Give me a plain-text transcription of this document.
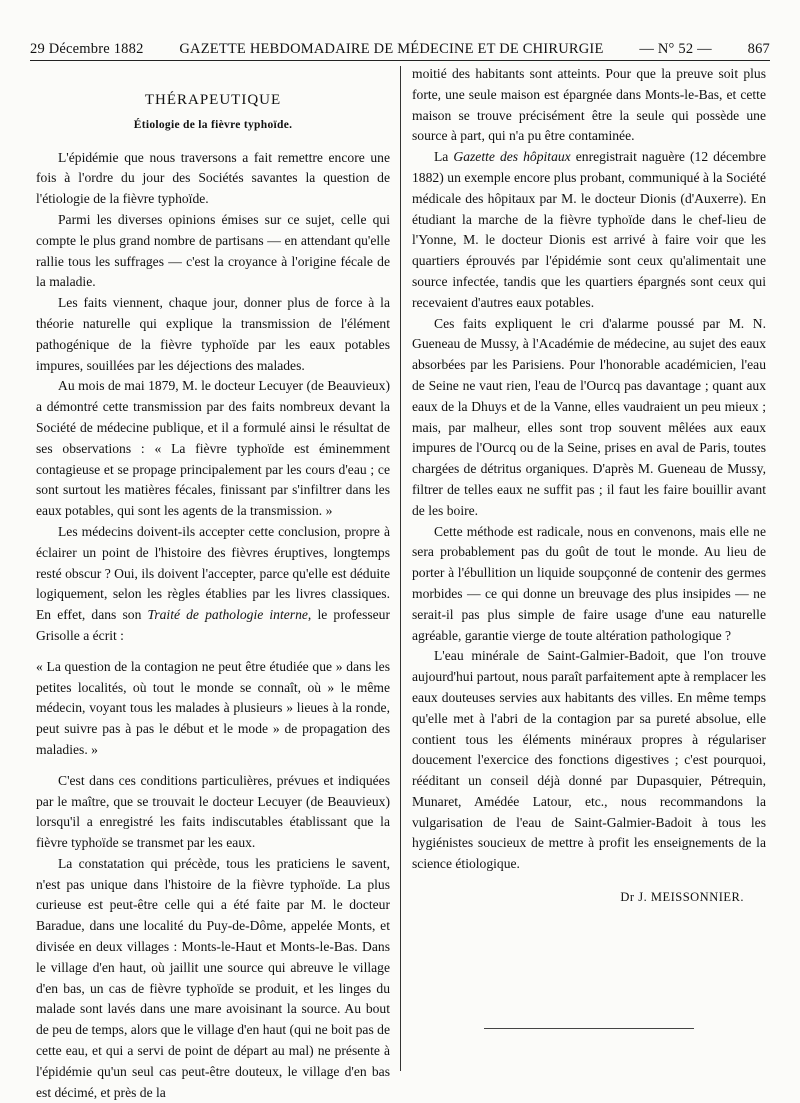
29 Décembre 1882 GAZETTE HEBDOMADAIRE DE MÉDECINE ET DE CHIRURGIE — N° 52 — 867
THÉRAPEUTIQUE
Étiologie de la fièvre typhoïde.

L'épidémie que nous traversons a fait remettre encore une fois à l'ordre du jour des Sociétés savantes la question de l'étiologie de la fièvre typhoïde.

Parmi les diverses opinions émises sur ce sujet, celle qui compte le plus grand nombre de partisans — en attendant qu'elle rallie tous les suffrages — c'est la croyance à l'origine fécale de la maladie.

Les faits viennent, chaque jour, donner plus de force à la théorie naturelle qui explique la transmission de l'élément pathogénique de la fièvre typhoïde par les eaux potables impures, souillées par les déjections des malades.

Au mois de mai 1879, M. le docteur Lecuyer (de Beauvieux) a démontré cette transmission par des faits nombreux devant la Société de médecine publique, et il a formulé ainsi le résultat de ses observations : « La fièvre typhoïde est éminemment contagieuse et se propage principalement par les cours d'eau ; ce sont surtout les matières fécales, finissant par s'infiltrer dans les eaux potables, qui sont les agents de la transmission. »

Les médecins doivent-ils accepter cette conclusion, propre à éclairer un point de l'histoire des fièvres éruptives, longtemps resté obscur ? Oui, ils doivent l'accepter, parce qu'elle est déduite logiquement, selon les règles établies par les livres classiques. En effet, dans son Traité de pathologie interne, le professeur Grisolle a écrit :

« La question de la contagion ne peut être étudiée que » dans les petites localités, où tout le monde se connaît, où » le même médecin, voyant tous les malades à plusieurs » lieues à la ronde, peut suivre pas à pas le début et le mode » de propagation des maladies. »

C'est dans ces conditions particulières, prévues et indiquées par le maître, que se trouvait le docteur Lecuyer (de Beauvieux) lorsqu'il a enregistré les faits indiscutables établissant que la fièvre typhoïde se transmet par les eaux.

La constatation qui précède, tous les praticiens le savent, n'est pas unique dans l'histoire de la fièvre typhoïde. La plus curieuse est peut-être celle qui a été faite par M. le docteur Baradue, dans une localité du Puy-de-Dôme, appelée Monts, et divisée en deux villages : Monts-le-Haut et Monts-le-Bas. Dans le village d'en haut, où jaillit une source qui abreuve le village d'en bas, un cas de fièvre typhoïde se produit, et les linges du malade sont lavés dans une mare avoisinant la source. Au bout de peu de temps, alors que le village d'en haut (qui ne boit pas de cette eau, et qui a servi de point de départ au mal) ne présente à l'épidémie qu'un seul cas peut-être douteux, le village d'en bas est décimé, et près de la

moitié des habitants sont atteints. Pour que la preuve soit plus forte, une seule maison est épargnée dans Monts-le-Bas, et cette maison se trouve précisément être la seule qui possède une source à part, qui n'a pu être contaminée.

La Gazette des hôpitaux enregistrait naguère (12 décembre 1882) un exemple encore plus probant, communiqué à la Société médicale des hôpitaux par M. le docteur Dionis (d'Auxerre). En étudiant la marche de la fièvre typhoïde dans le chef-lieu de l'Yonne, M. le docteur Dionis est arrivé à faire voir que les quartiers éprouvés par l'épidémie sont ceux qu'alimentait une source infectée, tandis que les quartiers épargnés sont ceux qui recevaient d'autres eaux potables.

Ces faits expliquent le cri d'alarme poussé par M. N. Gueneau de Mussy, à l'Académie de médecine, au sujet des eaux absorbées par les Parisiens. Pour l'honorable académicien, l'eau de Seine ne vaut rien, l'eau de l'Ourcq pas davantage ; quant aux eaux de la Dhuys et de la Vanne, elles vaudraient un peu mieux ; mais, par malheur, elles sont trop souvent mêlées aux eaux impures de l'Ourcq ou de la Seine, prises en aval de Paris, toutes chargées de détritus organiques. D'après M. Gueneau de Mussy, filtrer de telles eaux ne suffit pas ; il faut les faire bouillir avant de les boire.

Cette méthode est radicale, nous en convenons, mais elle ne sera probablement pas du goût de tout le monde. Au lieu de porter à l'ébullition un liquide soupçonné de contenir des germes morbides — ce qui donne un breuvage des plus insipides — ne serait-il pas plus simple de faire usage d'une eau naturelle agréable, garantie vierge de toute altération pathologique ?

L'eau minérale de Saint-Galmier-Badoit, que l'on trouve aujourd'hui partout, nous paraît parfaitement apte à remplacer les eaux douteuses servies aux habitants des villes. En même temps qu'elle met à l'abri de la contagion par sa pureté absolue, elle contient tous les éléments minéraux propres à régulariser doucement l'exercice des fonctions digestives ; c'est pourquoi, rééditant un conseil déjà donné par Dupasquier, Pétrequin, Munaret, Amédée Latour, etc., nous recommandons la vulgarisation de l'eau de Saint-Galmier-Badoit à tous les hygiénistes soucieux de mettre à profit les enseignements de la science étiologique.

Dr J. MEISSONNIER.
